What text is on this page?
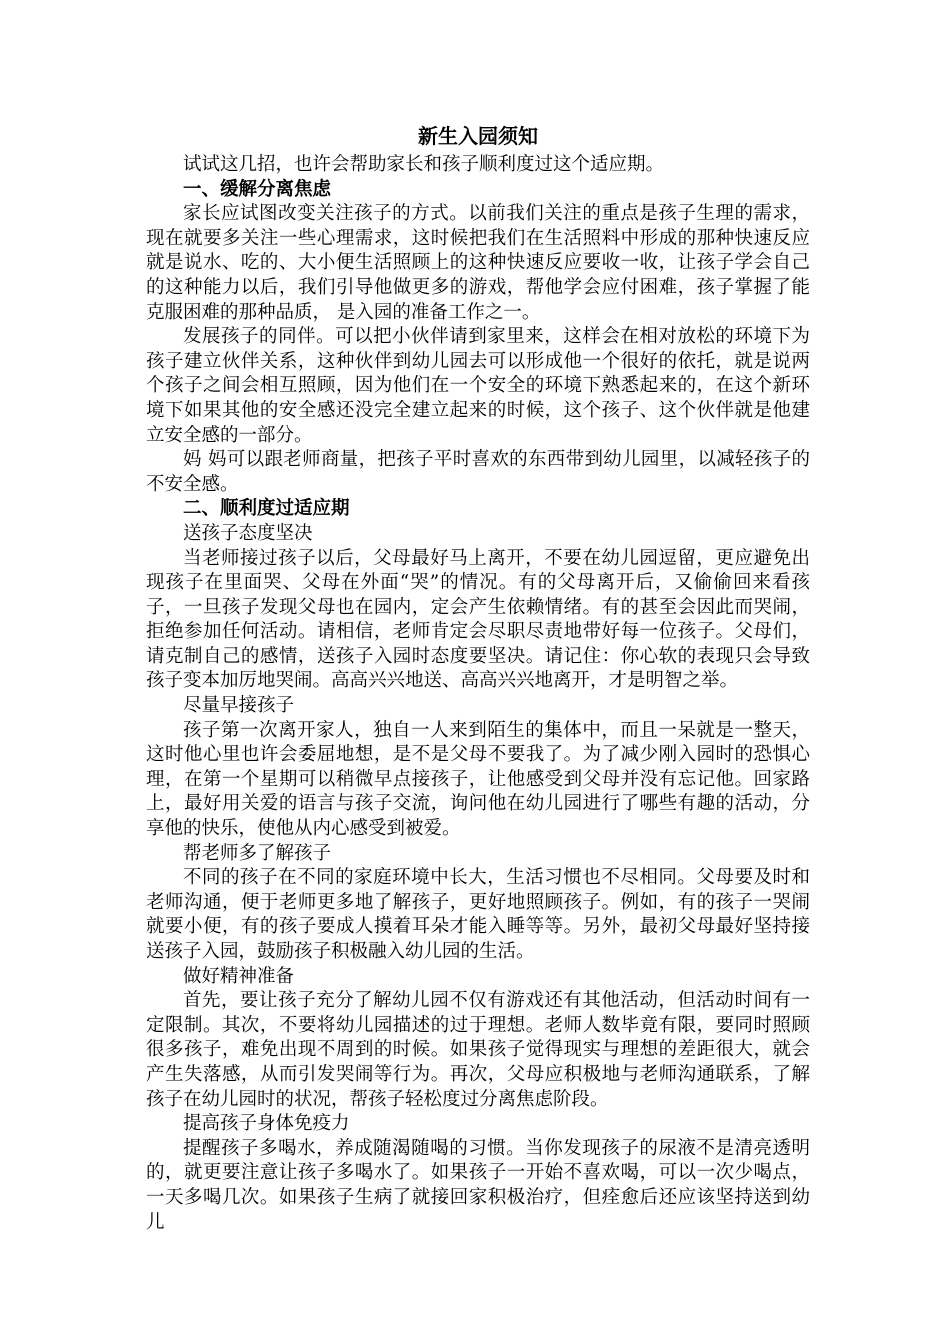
新生入园须知

试试这几招，也许会帮助家长和孩子顺利度过这个适应期。

一、缓解分离焦虑

家长应试图改变关注孩子的方式。以前我们关注的重点是孩子生理的需求，现在就要多关注一些心理需求，这时候把我们在生活照料中形成的那种快速反应就是说水、吃的、大小便生活照顾上的这种快速反应要收一收，让孩子学会自己的这种能力以后，我们引导他做更多的游戏，帮他学会应付困难，孩子掌握了能克服困难的那种品质， 是入园的准备工作之一。

发展孩子的同伴。可以把小伙伴请到家里来，这样会在相对放松的环境下为孩子建立伙伴关系，这种伙伴到幼儿园去可以形成他一个很好的依托，就是说两个孩子之间会相互照顾，因为他们在一个安全的环境下熟悉起来的，在这个新环境下如果其他的安全感还没完全建立起来的时候，这个孩子、这个伙伴就是他建立安全感的一部分。

妈 妈可以跟老师商量，把孩子平时喜欢的东西带到幼儿园里，以减轻孩子的不安全感。

二、顺利度过适应期

送孩子态度坚决

当老师接过孩子以后，父母最好马上离开，不要在幼儿园逗留，更应避免出现孩子在里面哭、父母在外面“哭”的情况。有的父母离开后，又偷偷回来看孩子，一旦孩子发现父母也在园内，定会产生依赖情绪。有的甚至会因此而哭闹，拒绝参加任何活动。请相信，老师肯定会尽职尽责地带好每一位孩子。父母们，请克制自己的感情，送孩子入园时态度要坚决。请记住：你心软的表现只会导致孩子变本加厉地哭闹。高高兴兴地送、高高兴兴地离开，才是明智之举。

尽量早接孩子

孩子第一次离开家人，独自一人来到陌生的集体中，而且一呆就是一整天，这时他心里也许会委屈地想，是不是父母不要我了。为了减少刚入园时的恐惧心理，在第一个星期可以稍微早点接孩子，让他感受到父母并没有忘记他。回家路上，最好用关爱的语言与孩子交流，询问他在幼儿园进行了哪些有趣的活动，分享他的快乐，使他从内心感受到被爱。

帮老师多了解孩子

不同的孩子在不同的家庭环境中长大，生活习惯也不尽相同。父母要及时和老师沟通，便于老师更多地了解孩子，更好地照顾孩子。例如，有的孩子一哭闹就要小便，有的孩子要成人摸着耳朵才能入睡等等。另外，最初父母最好坚持接送孩子入园，鼓励孩子积极融入幼儿园的生活。

做好精神准备

首先，要让孩子充分了解幼儿园不仅有游戏还有其他活动，但活动时间有一定限制。其次，不要将幼儿园描述的过于理想。老师人数毕竟有限，要同时照顾很多孩子，难免出现不周到的时候。如果孩子觉得现实与理想的差距很大，就会产生失落感，从而引发哭闹等行为。再次，父母应积极地与老师沟通联系，了解孩子在幼儿园时的状况，帮孩子轻松度过分离焦虑阶段。

提高孩子身体免疫力

提醒孩子多喝水，养成随渴随喝的习惯。当你发现孩子的尿液不是清亮透明的，就更要注意让孩子多喝水了。如果孩子一开始不喜欢喝，可以一次少喝点，一天多喝几次。如果孩子生病了就接回家积极治疗，但痊愈后还应该坚持送到幼儿
